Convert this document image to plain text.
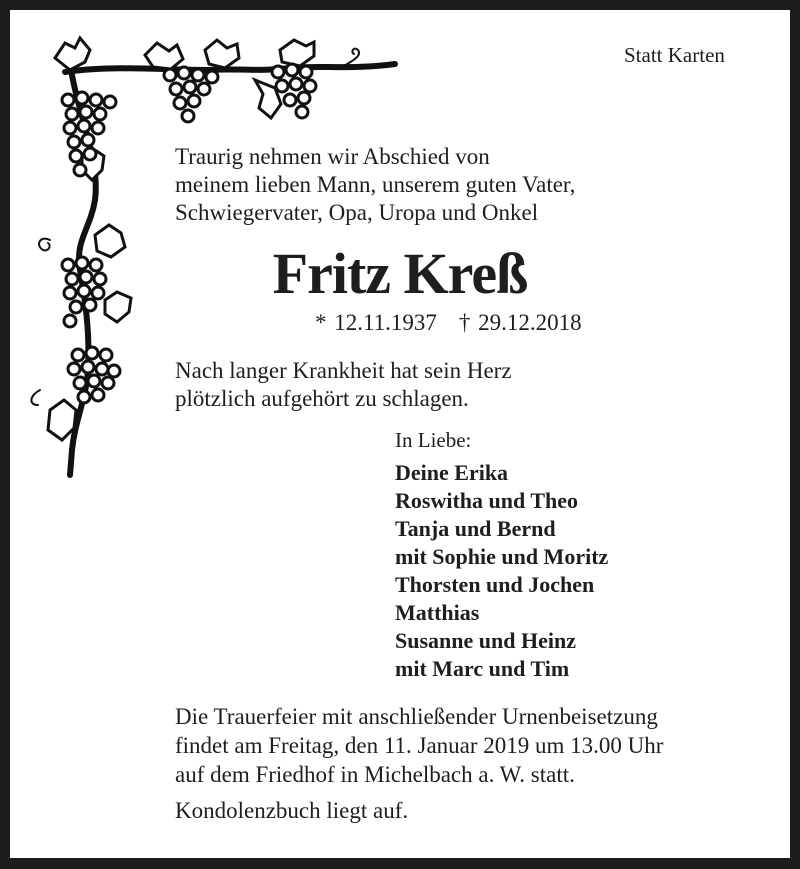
Statt Karten
Traurig nehmen wir Abschied von
meinem lieben Mann, unserem guten Vater,
Schwiegervater, Opa, Uropa und Onkel
Fritz Kreß
* 12.11.1937 † 29.12.2018
Nach langer Krankheit hat sein Herz
plötzlich aufgehört zu schlagen.
In Liebe:
Deine Erika
Roswitha und Theo
Tanja und Bernd
mit Sophie und Moritz
Thorsten und Jochen
Matthias
Susanne und Heinz
mit Marc und Tim
Die Trauerfeier mit anschließender Urnenbeisetzung
findet am Freitag, den 11. Januar 2019 um 13.00 Uhr
auf dem Friedhof in Michelbach a. W. statt.
Kondolenzbuch liegt auf.
